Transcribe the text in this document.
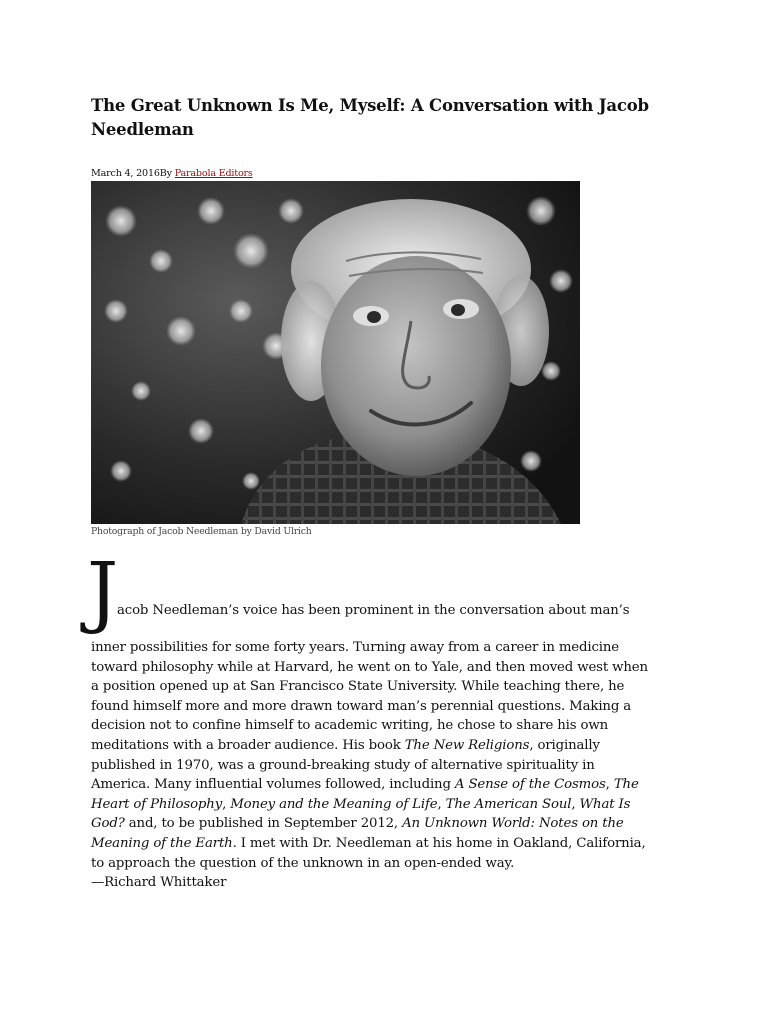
The Great Unknown Is Me, Myself: A Conversation with Jacob Needleman
March 4, 2016By Parabola Editors
Photograph of Jacob Needleman by David Ulrich
J
acob Needleman’s voice has been prominent in the conversation about man’s
inner possibilities for some forty years. Turning away from a career in medicine
toward philosophy while at Harvard, he went on to Yale, and then moved west when
a position opened up at San Francisco State University. While teaching there, he
found himself more and more drawn toward man’s perennial questions. Making a
decision not to confine himself to academic writing, he chose to share his own
meditations with a broader audience. His book The New Religions, originally
published in 1970, was a ground-breaking study of alternative spirituality in
America. Many influential volumes followed, including A Sense of the Cosmos, The
Heart of Philosophy, Money and the Meaning of Life, The American Soul, What Is
God? and, to be published in September 2012, An Unknown World: Notes on the
Meaning of the Earth. I met with Dr. Needleman at his home in Oakland, California,
to approach the question of the unknown in an open-ended way.
—Richard Whittaker
